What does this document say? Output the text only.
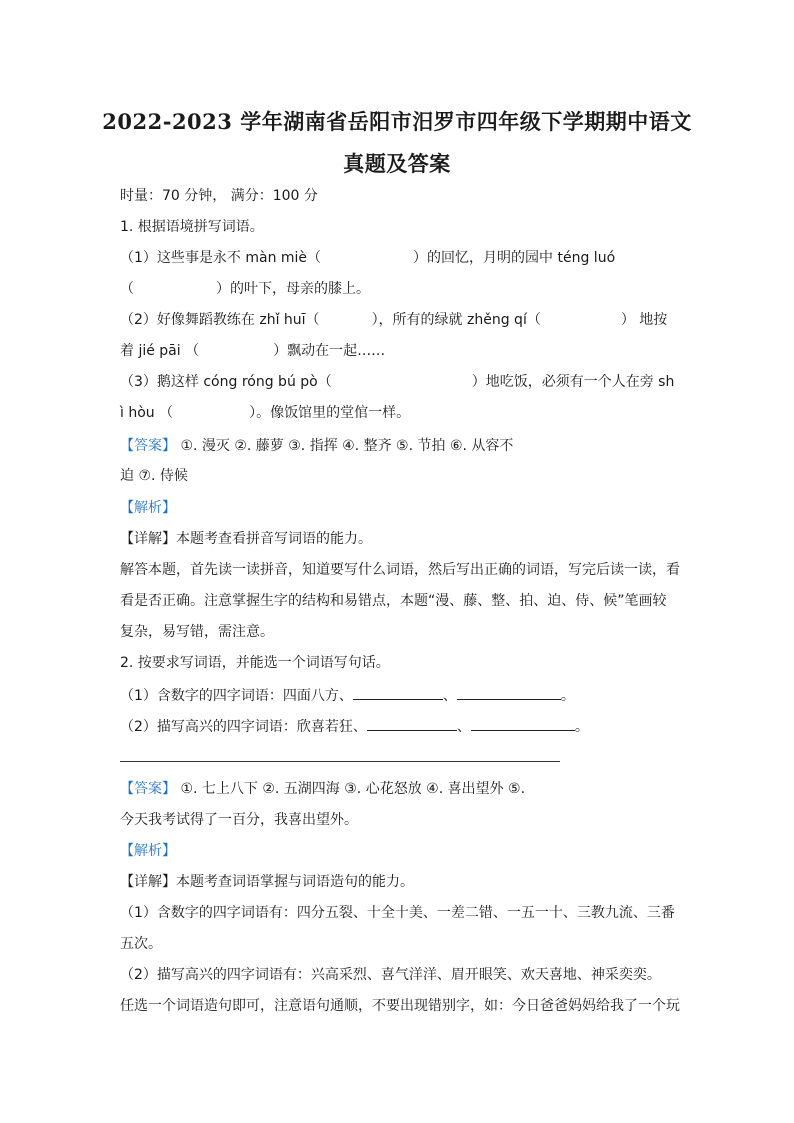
2022-2023 学年湖南省岳阳市汨罗市四年级下学期期中语文
真题及答案
时量：70 分钟， 满分：100 分
1. 根据语境拼写词语。
（1）这些事是永不 màn miè（	）的回忆，月明的园中 téng luó
（	）的叶下，母亲的膝上。
（2）好像舞蹈教练在 zhǐ huī（	），所有的绿就 zhěng qí（	） 地按
着 jié pāi （	）飘动在一起……
（3）鹅这样 cóng róng bú pò（	）地吃饭，必须有一个人在旁 sh
ì hòu （	）。像饭馆里的堂倌一样。
【答案】 ①. 漫灭 ②. 藤萝 ③. 指挥 ④. 整齐 ⑤. 节拍 ⑥. 从容不
迫 ⑦. 侍候
【解析】
【详解】本题考查看拼音写词语的能力。
解答本题，首先读一读拼音，知道要写什么词语，然后写出正确的词语，写完后读一读，看
看是否正确。注意掌握生字的结构和易错点，本题“漫、藤、整、拍、迫、侍、候”笔画较
复杂，易写错，需注意。
2. 按要求写词语，并能选一个词语写句话。
（1）含数字的四字词语：四面八方、	、	。
（2）描写高兴的四字词语：欣喜若狂、	、	。
【答案】 ①. 七上八下 ②. 五湖四海 ③. 心花怒放 ④. 喜出望外 ⑤.
今天我考试得了一百分，我喜出望外。
【解析】
【详解】本题考查词语掌握与词语造句的能力。
（1）含数字的四字词语有：四分五裂、十全十美、一差二错、一五一十、三教九流、三番
五次。
（2）描写高兴的四字词语有：兴高采烈、喜气洋洋、眉开眼笑、欢天喜地、神采奕奕。
任选一个词语造句即可，注意语句通顺，不要出现错别字，如：今日爸爸妈妈给我了一个玩
